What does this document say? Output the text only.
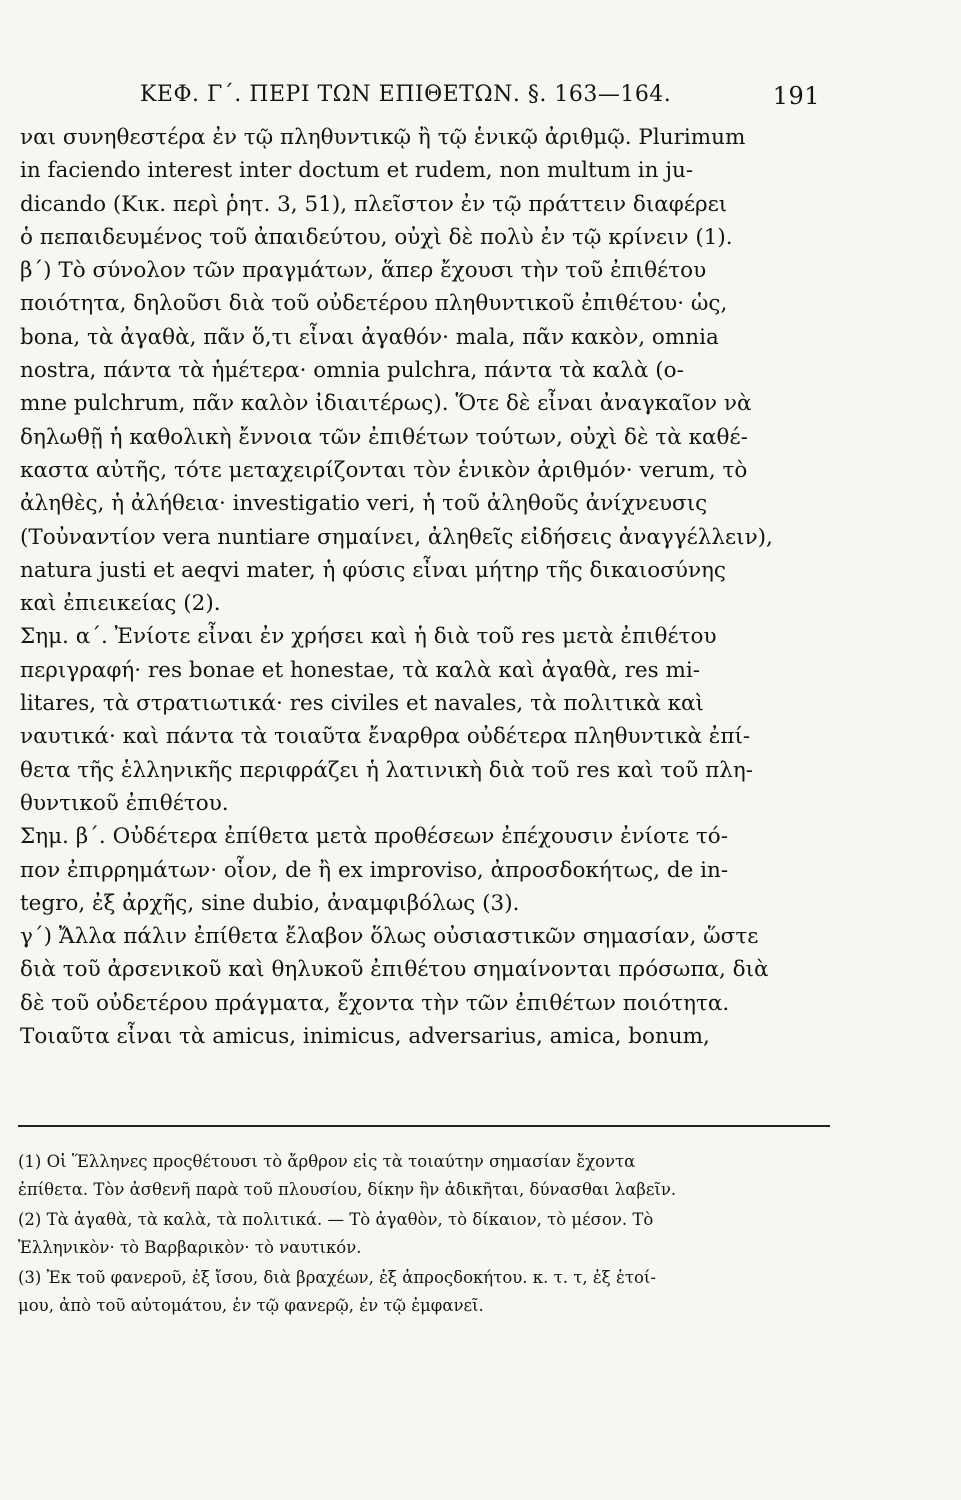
ΚΕΦ. Γ΄. ΠΕΡΙ ΤΩΝ ΕΠΙΘΕΤΩΝ. §. 163—164.	191
ναι συνηθεστέρα ἐν τῷ πληθυντικῷ ἢ τῷ ἑνικῷ ἀριθμῷ. Plurimum
in faciendo interest inter doctum et rudem, non multum in ju-
dicando (Κικ. περὶ ῥητ. 3, 51), πλεῖστον ἐν τῷ πράττειν διαφέρει
ὁ πεπαιδευμένος τοῦ ἀπαιδεύτου, οὐχὶ δὲ πολὺ ἐν τῷ κρίνειν (1).
β΄) Τὸ σύνολον τῶν πραγμάτων, ἅπερ ἔχουσι τὴν τοῦ ἐπιθέτου
ποιότητα, δηλοῦσι διὰ τοῦ οὐδετέρου πληθυντικοῦ ἐπιθέτου· ὡς,
bona, τὰ ἀγαθὰ, πᾶν ὅ,τι εἶναι ἀγαθόν· mala, πᾶν κακὸν, omnia
nostra, πάντα τὰ ἡμέτερα· omnia pulchra, πάντα τὰ καλὰ (o-
mne pulchrum, πᾶν καλὸν ἰδιαιτέρως). Ὅτε δὲ εἶναι ἀναγκαῖον νὰ
δηλωθῇ ἡ καθολικὴ ἔννοια τῶν ἐπιθέτων τούτων, οὐχὶ δὲ τὰ καθέ-
καστα αὐτῆς, τότε μεταχειρίζονται τὸν ἑνικὸν ἀριθμόν· verum, τὸ
ἀληθὲς, ἡ ἀλήθεια· investigatio veri, ἡ τοῦ ἀληθοῦς ἀνίχνευσις
(Τοὐναντίον vera nuntiare σημαίνει, ἀληθεῖς εἰδήσεις ἀναγγέλλειν),
natura justi et aeqvi mater, ἡ φύσις εἶναι μήτηρ τῆς δικαιοσύνης
καὶ ἐπιεικείας (2).
Σημ. α΄. Ἐνίοτε εἶναι ἐν χρήσει καὶ ἡ διὰ τοῦ res μετὰ ἐπιθέτου
περιγραφή· res bonae et honestae, τὰ καλὰ καὶ ἀγαθὰ, res mi-
litares, τὰ στρατιωτικά· res civiles et navales, τὰ πολιτικὰ καὶ
ναυτικά· καὶ πάντα τὰ τοιαῦτα ἔναρθρα οὐδέτερα πληθυντικὰ ἐπί-
θετα τῆς ἑλληνικῆς περιφράζει ἡ λατινικὴ διὰ τοῦ res καὶ τοῦ πλη-
θυντικοῦ ἐπιθέτου.
Σημ. β΄. Οὐδέτερα ἐπίθετα μετὰ προθέσεων ἐπέχουσιν ἐνίοτε τό-
πον ἐπιρρημάτων· οἷον, de ἢ ex improviso, ἀπροσδοκήτως, de in-
tegro, ἐξ ἀρχῆς, sine dubio, ἀναμφιβόλως (3).
γ΄) Ἄλλα πάλιν ἐπίθετα ἔλαβον ὅλως οὐσιαστικῶν σημασίαν, ὥστε
διὰ τοῦ ἀρσενικοῦ καὶ θηλυκοῦ ἐπιθέτου σημαίνονται πρόσωπα, διὰ
δὲ τοῦ οὐδετέρου πράγματα, ἔχοντα τὴν τῶν ἐπιθέτων ποιότητα.
Τοιαῦτα εἶναι τὰ amicus, inimicus, adversarius, amica, bonum,
(1) Οἱ Ἕλληνες προςθέτουσι τὸ ἄρθρον εἰς τὰ τοιαύτην σημασίαν ἔχοντα
ἐπίθετα. Τὸν ἀσθενῆ παρὰ τοῦ πλουσίου, δίκην ἣν ἀδικῆται, δύνασθαι λαβεῖν.
(2) Τὰ ἀγαθὰ, τὰ καλὰ, τὰ πολιτικά. — Τὸ ἀγαθὸν, τὸ δίκαιον, τὸ μέσον. Τὸ
Ἑλληνικὸν· τὸ Βαρβαρικὸν· τὸ ναυτικόν.
(3) Ἐκ τοῦ φανεροῦ, ἐξ ἴσου, διὰ βραχέων, ἐξ ἀπροςδοκήτου. κ. τ. τ, ἐξ ἑτοί-
μου, ἀπὸ τοῦ αὐτομάτου, ἐν τῷ φανερῷ, ἐν τῷ ἐμφανεῖ.
